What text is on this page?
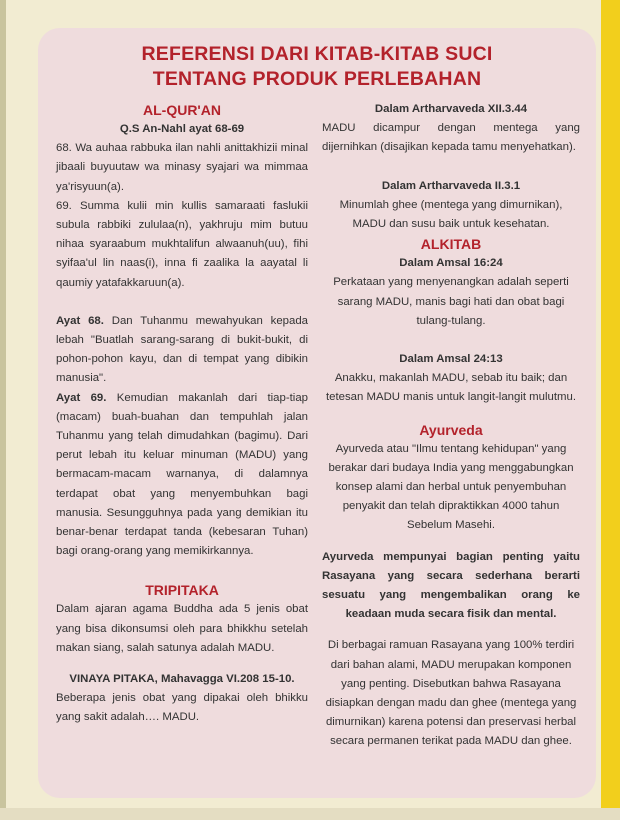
REFERENSI DARI KITAB-KITAB SUCI
TENTANG PRODUK PERLEBAHAN
AL-QUR'AN
Q.S An-Nahl ayat 68-69
68. Wa auhaa rabbuka ilan nahli anittakhizii minal jibaali buyuutaw wa minasy syajari wa mimmaa ya'risyuun(a).
69. Summa kulii min kullis samaraati faslukii subula rabbiki zululaa(n), yakhruju mim butuu nihaa syaraabum mukhtalifun alwaanuh(uu), fihi syifaa'ul lin naas(i), inna fi zaalika la aayatal li qaumiy yatafakkaruun(a).
Ayat 68. Dan Tuhanmu mewahyukan kepada lebah "Buatlah sarang-sarang di bukit-bukit, di pohon-pohon kayu, dan di tempat yang dibikin manusia".
Ayat 69. Kemudian makanlah dari tiap-tiap (macam) buah-buahan dan tempuhlah jalan Tuhanmu yang telah dimudahkan (bagimu). Dari perut lebah itu keluar minuman (MADU) yang bermacam-macam warnanya, di dalamnya terdapat obat yang menyembuhkan bagi manusia. Sesungguhnya pada yang demikian itu benar-benar terdapat tanda (kebesaran Tuhan) bagi orang-orang yang memikirkannya.
TRIPITAKA
Dalam ajaran agama Buddha ada 5 jenis obat yang bisa dikonsumsi oleh para bhikkhu setelah makan siang, salah satunya adalah MADU.
VINAYA PITAKA, Mahavagga VI.208 15-10.
Beberapa jenis obat yang dipakai oleh bhikku yang sakit adalah…. MADU.
Dalam Artharvaveda XII.3.44
MADU dicampur dengan mentega yang dijernihkan (disajikan kepada tamu menyehatkan).
Dalam Artharvaveda II.3.1
Minumlah ghee (mentega yang dimurnikan), MADU dan susu baik untuk kesehatan.
ALKITAB
Dalam Amsal 16:24
Perkataan yang menyenangkan adalah seperti sarang MADU, manis bagi hati dan obat bagi tulang-tulang.
Dalam Amsal 24:13
Anakku, makanlah MADU, sebab itu baik; dan tetesan MADU manis untuk langit-langit mulutmu.
Ayurveda
Ayurveda atau "Ilmu tentang kehidupan" yang berakar dari budaya India yang menggabungkan konsep alami dan herbal untuk penyembuhan penyakit dan telah dipraktikkan 4000 tahun Sebelum Masehi.
Ayurveda mempunyai bagian penting yaitu Rasayana yang secara sederhana berarti sesuatu yang mengembalikan orang ke keadaan muda secara fisik dan mental.
Di berbagai ramuan Rasayana yang 100% terdiri dari bahan alami, MADU merupakan komponen yang penting. Disebutkan bahwa Rasayana disiapkan dengan madu dan ghee (mentega yang dimurnikan) karena potensi dan preservasi herbal secara permanen terikat pada MADU dan ghee.
